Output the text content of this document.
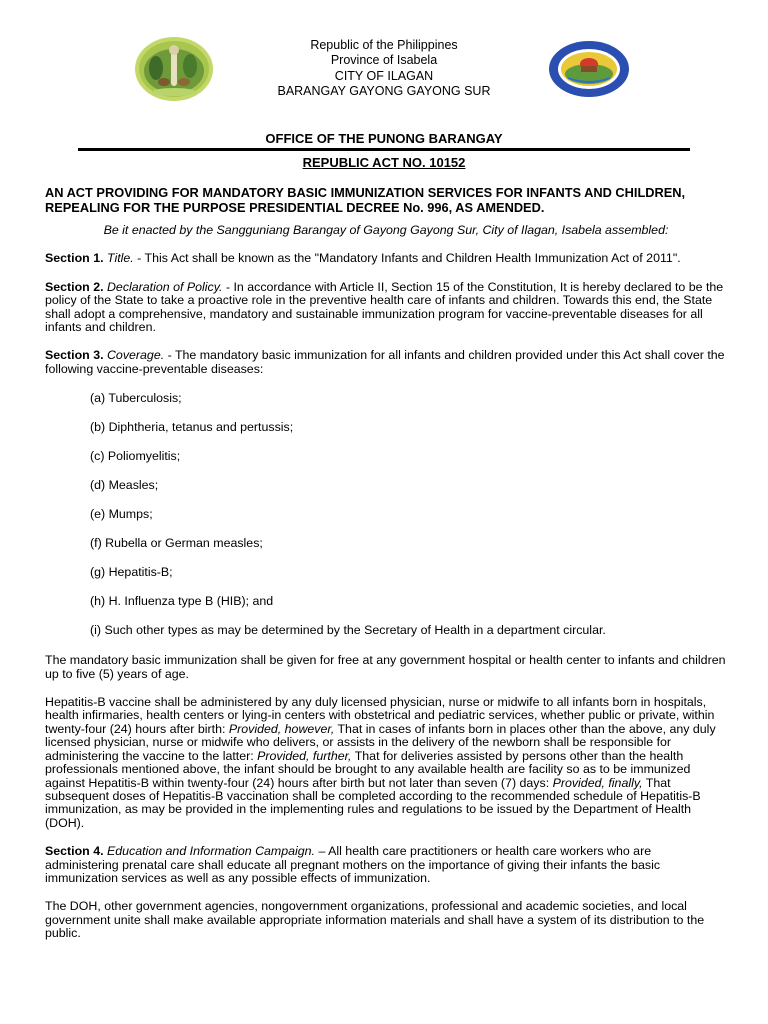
Republic of the Philippines
Province of Isabela
CITY OF ILAGAN
BARANGAY GAYONG GAYONG SUR
OFFICE OF THE PUNONG BARANGAY
REPUBLIC ACT NO. 10152

AN ACT PROVIDING FOR MANDATORY BASIC IMMUNIZATION SERVICES FOR INFANTS AND CHILDREN, REPEALING FOR THE PURPOSE PRESIDENTIAL DECREE No. 996, AS AMENDED.

Be it enacted by the Sangguniang Barangay of Gayong Gayong Sur, City of Ilagan, Isabela assembled:

Section 1. Title. - This Act shall be known as the "Mandatory Infants and Children Health Immunization Act of 2011".

Section 2. Declaration of Policy. - In accordance with Article II, Section 15 of the Constitution, It is hereby declared to be the policy of the State to take a proactive role in the preventive health care of infants and children. Towards this end, the State shall adopt a comprehensive, mandatory and sustainable immunization program for vaccine-preventable diseases for all infants and children.

Section 3. Coverage. - The mandatory basic immunization for all infants and children provided under this Act shall cover the following vaccine-preventable diseases:

(a) Tuberculosis;

(b) Diphtheria, tetanus and pertussis;

(c) Poliomyelitis;

(d) Measles;

(e) Mumps;

(f) Rubella or German measles;

(g) Hepatitis-B;

(h) H. Influenza type B (HIB); and

(i) Such other types as may be determined by the Secretary of Health in a department circular.

The mandatory basic immunization shall be given for free at any government hospital or health center to infants and children up to five (5) years of age.

Hepatitis-B vaccine shall be administered by any duly licensed physician, nurse or midwife to all infants born in hospitals, health infirmaries, health centers or lying-in centers with obstetrical and pediatric services, whether public or private, within twenty-four (24) hours after birth: Provided, however, That in cases of infants born in places other than the above, any duly licensed physician, nurse or midwife who delivers, or assists in the delivery of the newborn shall be responsible for administering the vaccine to the latter: Provided, further, That for deliveries assisted by persons other than the health professionals mentioned above, the infant should be brought to any available health are facility so as to be immunized against Hepatitis-B within twenty-four (24) hours after birth but not later than seven (7) days: Provided, finally, That subsequent doses of Hepatitis-B vaccination shall be completed according to the recommended schedule of Hepatitis-B immunization, as may be provided in the implementing rules and regulations to be issued by the Department of Health (DOH).

Section 4. Education and Information Campaign. – All health care practitioners or health care workers who are administering prenatal care shall educate all pregnant mothers on the importance of giving their infants the basic immunization services as well as any possible effects of immunization.

The DOH, other government agencies, nongovernment organizations, professional and academic societies, and local government unite shall make available appropriate information materials and shall have a system of its distribution to the public.
